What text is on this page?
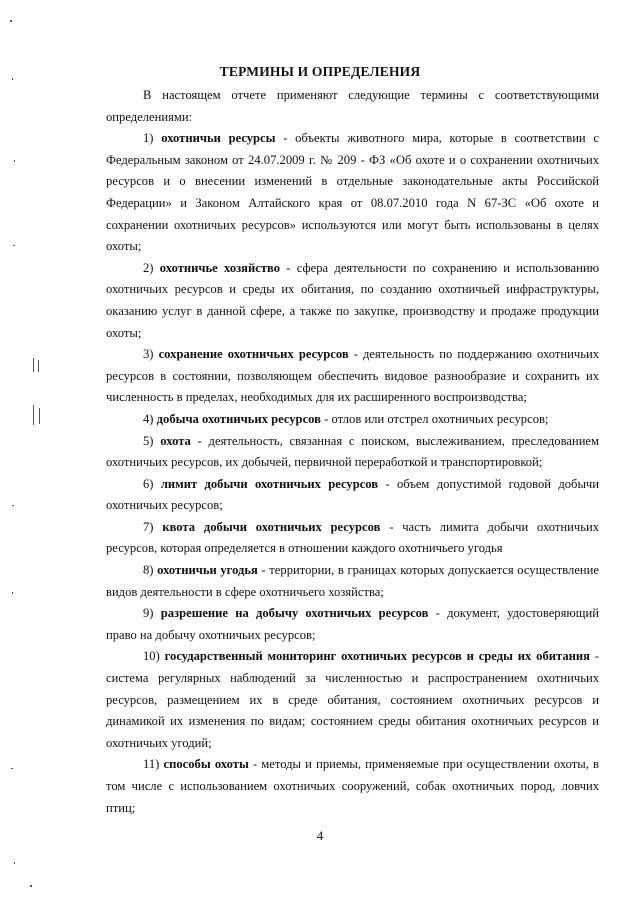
ТЕРМИНЫ И ОПРЕДЕЛЕНИЯ

В настоящем отчете применяют следующие термины с соответствующими определениями:

1) охотничьи ресурсы - объекты животного мира, которые в соответствии с Федеральным законом от 24.07.2009 г. № 209 - ФЗ «Об охоте и о сохранении охотничьих ресурсов и о внесении изменений в отдельные законодательные акты Российской Федерации» и Законом Алтайского края от 08.07.2010 года N 67-ЗС «Об охоте и сохранении охотничьих ресурсов» используются или могут быть использованы в целях охоты;

2) охотничье хозяйство - сфера деятельности по сохранению и использованию охотничьих ресурсов и среды их обитания, по созданию охотничьей инфраструктуры, оказанию услуг в данной сфере, а также по закупке, производству и продаже продукции охоты;

3) сохранение охотничьих ресурсов - деятельность по поддержанию охотничьих ресурсов в состоянии, позволяющем обеспечить видовое разнообразие и сохранить их численность в пределах, необходимых для их расширенного воспроизводства;

4) добыча охотничьих ресурсов - отлов или отстрел охотничьих ресурсов;

5) охота - деятельность, связанная с поиском, выслеживанием, преследованием охотничьих ресурсов, их добычей, первичной переработкой и транспортировкой;

6) лимит добычи охотничьих ресурсов - объем допустимой годовой добычи охотничьих ресурсов;

7) квота добычи охотничьих ресурсов - часть лимита добычи охотничьих ресурсов, которая определяется в отношении каждого охотничьего угодья

8) охотничьи угодья - территории, в границах которых допускается осуществление видов деятельности в сфере охотничьего хозяйства;

9) разрешение на добычу охотничьих ресурсов - документ, удостоверяющий право на добычу охотничьих ресурсов;

10) государственный мониторинг охотничьих ресурсов и среды их обитания - система регулярных наблюдений за численностью и распространением охотничьих ресурсов, размещением их в среде обитания, состоянием охотничьих ресурсов и динамикой их изменения по видам; состоянием среды обитания охотничьих ресурсов и охотничьих угодий;

11) способы охоты - методы и приемы, применяемые при осуществлении охоты, в том числе с использованием охотничьих сооружений, собак охотничьих пород, ловчих птиц;

4
